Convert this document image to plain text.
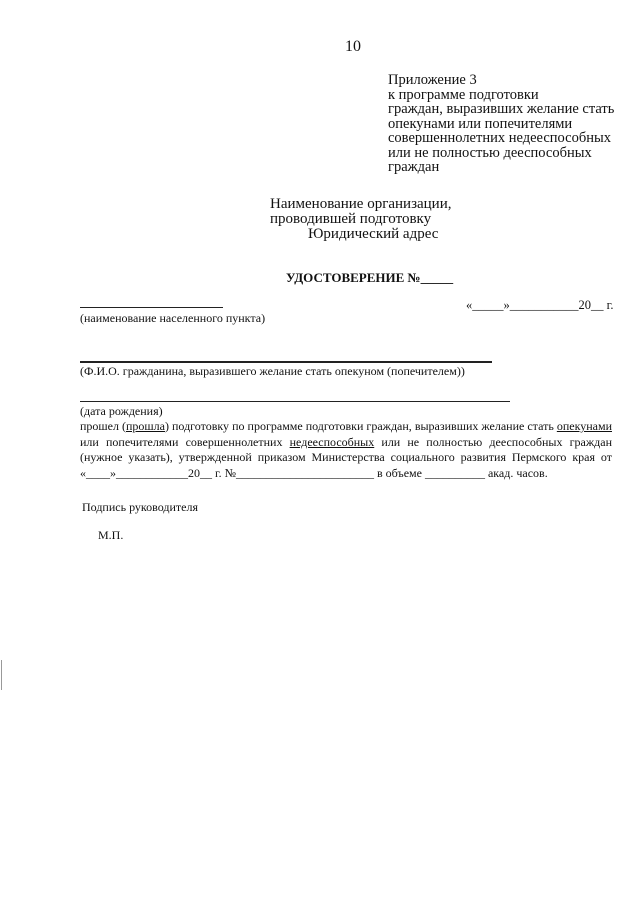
10
Приложение 3
к программе подготовки
граждан, выразивших желание стать
опекунами или попечителями
совершеннолетних недееспособных
или не полностью дееспособных
граждан
Наименование организации,
проводившей подготовку
Юридический адрес
УДОСТОВЕРЕНИЕ №_____
«_____»___________20__ г.
(наименование населенного пункта)
(Ф.И.О. гражданина, выразившего желание стать опекуном (попечителем))
(дата рождения)
прошел (прошла) подготовку по программе подготовки граждан, выразивших желание стать опекунами или попечителями совершеннолетних недееспособных или не полностью дееспособных граждан (нужное указать), утвержденной приказом Министерства социального развития Пермского края от «____»____________20__ г. №_______________________ в объеме __________ акад. часов.
Подпись руководителя
М.П.
